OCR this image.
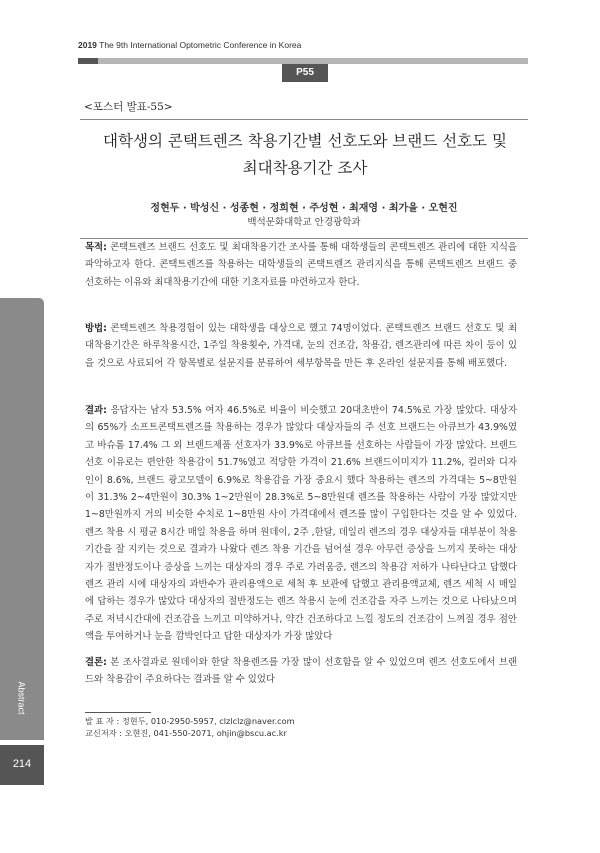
2019 The 9th International Optometric Conference in Korea
P55
<포스터 발표-55>
대학생의 콘택트렌즈 착용기간별 선호도와 브랜드 선호도 및 최대착용기간 조사
정현두 · 박성신 · 성종현 · 정희현 · 주성현 · 최재영 · 최가을 · 오현진
백석문화대학교 안경광학과
목적: 콘택트렌즈 브랜드 선호도 및 최대착용기간 조사를 통해 대학생들의 콘택트렌즈 관리에 대한 지식을 파악하고자 한다. 콘택트렌즈를 착용하는 대학생들의 콘택트렌즈 관리지식을 통해 콘택트렌즈 브랜드 중 선호하는 이유와 최대착용기간에 대한 기초자료를 마련하고자 한다.
방법: 콘택트렌즈 착용경험이 있는 대학생을 대상으로 했고 74명이었다. 콘택트렌즈 브랜드 선호도 및 최대착용기간은 하루착용시간, 1주일 착용횟수, 가격대, 눈의 건조감, 착용감, 렌즈관리에 따른 차이 등이 있을 것으로 사료되어 각 항목별로 설문지를 분류하여 세부항목을 만든 후 온라인 설문지를 통해 배포했다.
결과: 응답자는 남자 53.5% 여자 46.5%로 비율이 비슷했고 20대초반이 74.5%로 가장 많았다. 대상자의 65%가 소프트콘택트렌즈를 착용하는 경우가 많았다 대상자들의 주 선호 브랜드는 아큐브가 43.9%였고 바슈롬 17.4% 그 외 브랜드제품 선호자가 33.9%로 아큐브를 선호하는 사람들이 가장 많았다. 브랜드선호 이유로는 편안한 착용감이 51.7%였고 적당한 가격이 21.6% 브랜드이미지가 11.2%, 컬러와 디자인이 8.6%, 브랜드 광고모델이 6.9%로 착용감을 가장 중요시 했다 착용하는 렌즈의 가격대는 5~8만원이 31.3% 2~4만원이 30.3% 1~2만원이 28.3%로 5~8만원대 렌즈를 착용하는 사람이 가장 많았지만 1~8만원까지 거의 비슷한 수치로 1~8만원 사이 가격대에서 렌즈를 많이 구입한다는 것을 알 수 있었다. 렌즈 착용 시 평균 8시간 매일 착용을 하며 원데이, 2주 ,한달, 데일리 렌즈의 경우 대상자들 대부분이 착용기간을 잘 지키는 것으로 결과가 나왔다 렌즈 착용 기간을 넘어설 경우 아무런 증상을 느끼지 못하는 대상자가 절반정도이나 증상을 느끼는 대상자의 경우 주로 가려움증, 렌즈의 착용감 저하가 나타난다고 답했다 렌즈 관리 시에 대상자의 과반수가 관리용액으로 세척 후 보관에 답했고 관리용액교체, 렌즈 세척 시 매일에 답하는 경우가 많았다 대상자의 절반정도는 렌즈 착용시 눈에 건조감을 자주 느끼는 것으로 나타났으며 주로 저녁시간대에 건조감을 느끼고 미약하거나, 약간 건조하다고 느낄 정도의 건조감이 느껴질 경우 점안액을 투여하거나 눈을 깜박인다고 답한 대상자가 가장 많았다
결론: 본 조사결과로 원데이와 한달 착용렌즈를 가장 많이 선호함을 알 수 있었으며 렌즈 선호도에서 브랜드와 착용감이 주요하다는 결과를 알 수 있었다
발 표 자 : 정현두, 010-2950-5957, clzlclz@naver.com
교신저자 : 오현진, 041-550-2071, ohjin@bscu.ac.kr
Abstract
214
